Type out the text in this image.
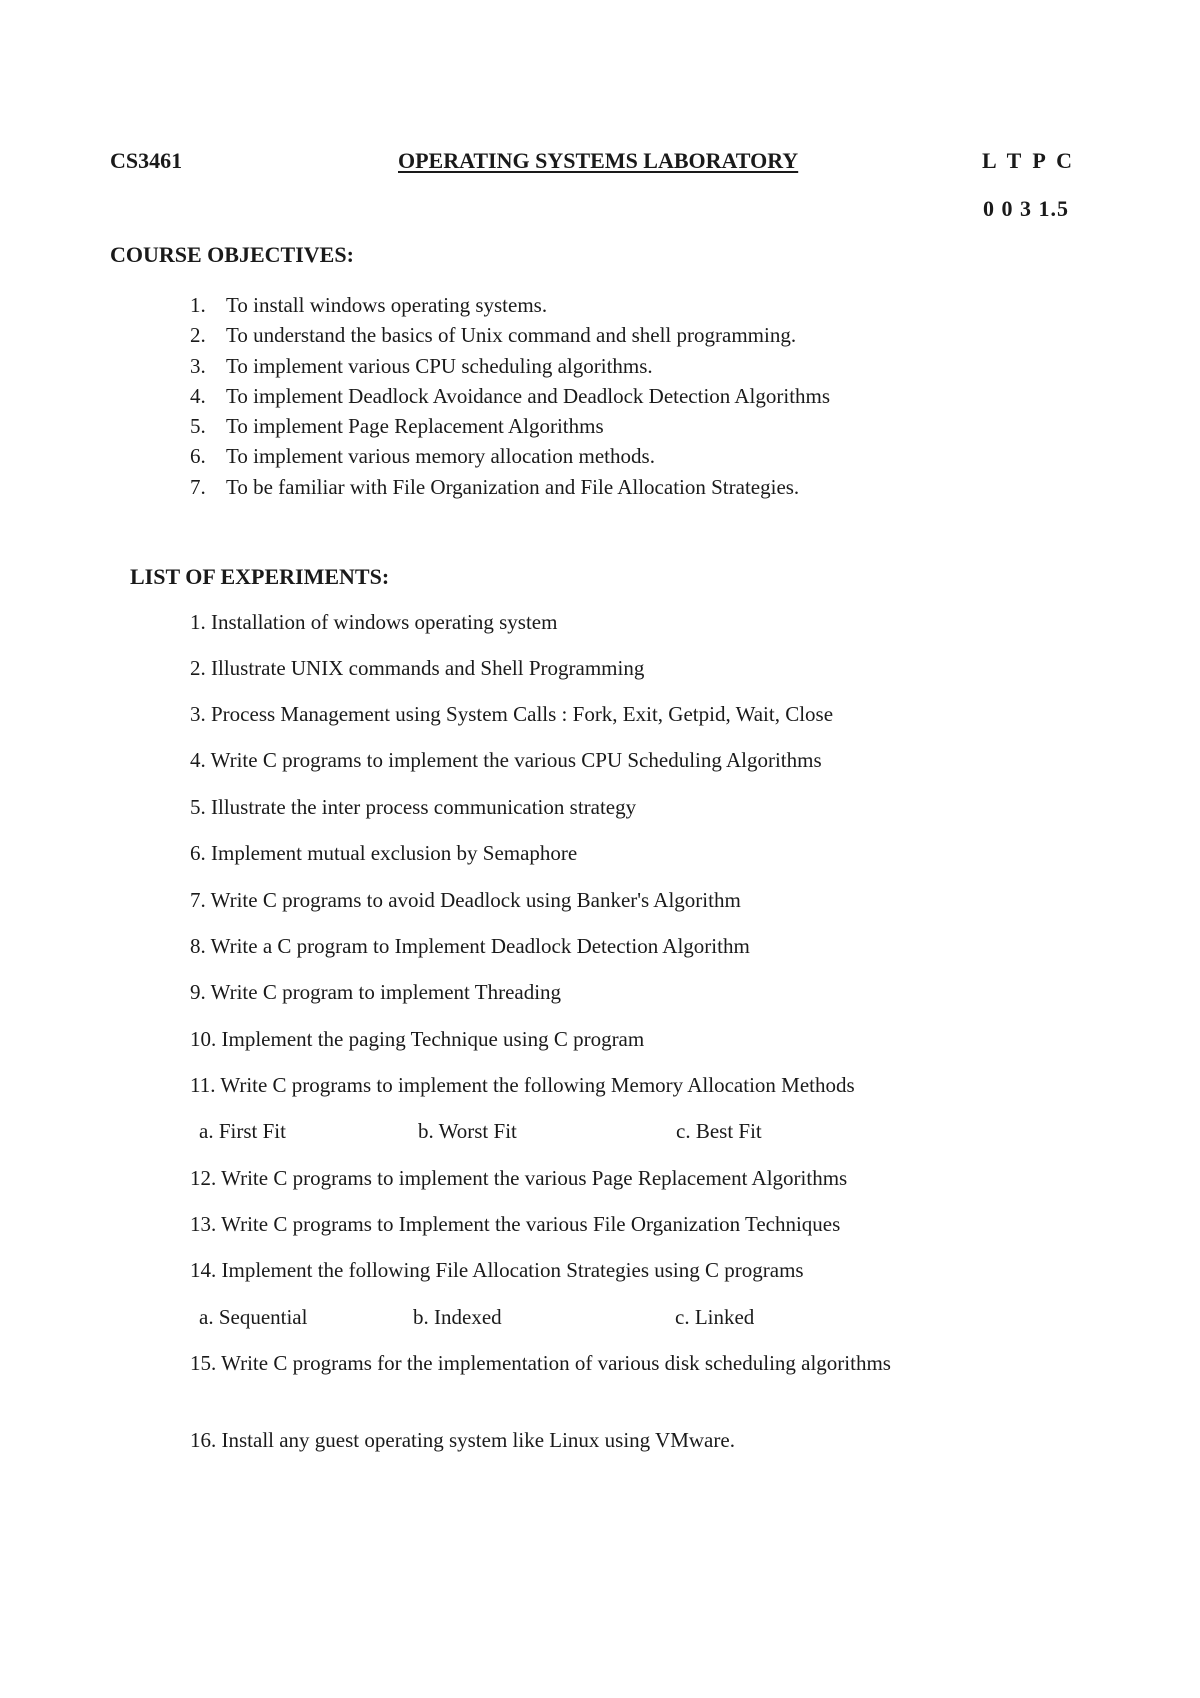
CS3461	OPERATING SYSTEMS LABORATORY	L T P C
0 0 3 1.5
COURSE OBJECTIVES:
1. To install windows operating systems.
2. To understand the basics of Unix command and shell programming.
3. To implement various CPU scheduling algorithms.
4. To implement Deadlock Avoidance and Deadlock Detection Algorithms
5. To implement Page Replacement Algorithms
6. To implement various memory allocation methods.
7. To be familiar with File Organization and File Allocation Strategies.
LIST OF EXPERIMENTS:
1. Installation of windows operating system
2. Illustrate UNIX commands and Shell Programming
3. Process Management using System Calls : Fork, Exit, Getpid, Wait, Close
4. Write C programs to implement the various CPU Scheduling Algorithms
5. Illustrate the inter process communication strategy
6. Implement mutual exclusion by Semaphore
7. Write C programs to avoid Deadlock using Banker's Algorithm
8. Write a C program to Implement Deadlock Detection Algorithm
9. Write C program to implement Threading
10. Implement the paging Technique using C program
11. Write C programs to implement the following Memory Allocation Methods
a. First Fit	b. Worst Fit	c. Best Fit
12. Write C programs to implement the various Page Replacement Algorithms
13. Write C programs to Implement the various File Organization Techniques
14. Implement the following File Allocation Strategies using C programs
a. Sequential	b. Indexed	c. Linked
15. Write C programs for the implementation of various disk scheduling algorithms
16. Install any guest operating system like Linux using VMware.
